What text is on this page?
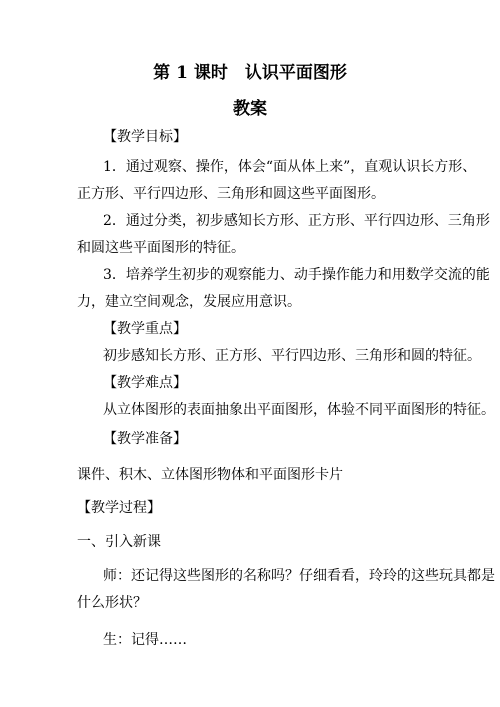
第 1 课时　认识平面图形
教案
【教学目标】
1．通过观察、操作，体会“面从体上来”，直观认识长方形、
正方形、平行四边形、三角形和圆这些平面图形。
2．通过分类，初步感知长方形、正方形、平行四边形、三角形
和圆这些平面图形的特征。
3．培养学生初步的观察能力、动手操作能力和用数学交流的能
力，建立空间观念，发展应用意识。
【教学重点】
初步感知长方形、正方形、平行四边形、三角形和圆的特征。
【教学难点】
从立体图形的表面抽象出平面图形，体验不同平面图形的特征。
【教学准备】
课件、积木、立体图形物体和平面图形卡片
【教学过程】
一、引入新课
师：还记得这些图形的名称吗？仔细看看，玲玲的这些玩具都是
什么形状？
生：记得……
